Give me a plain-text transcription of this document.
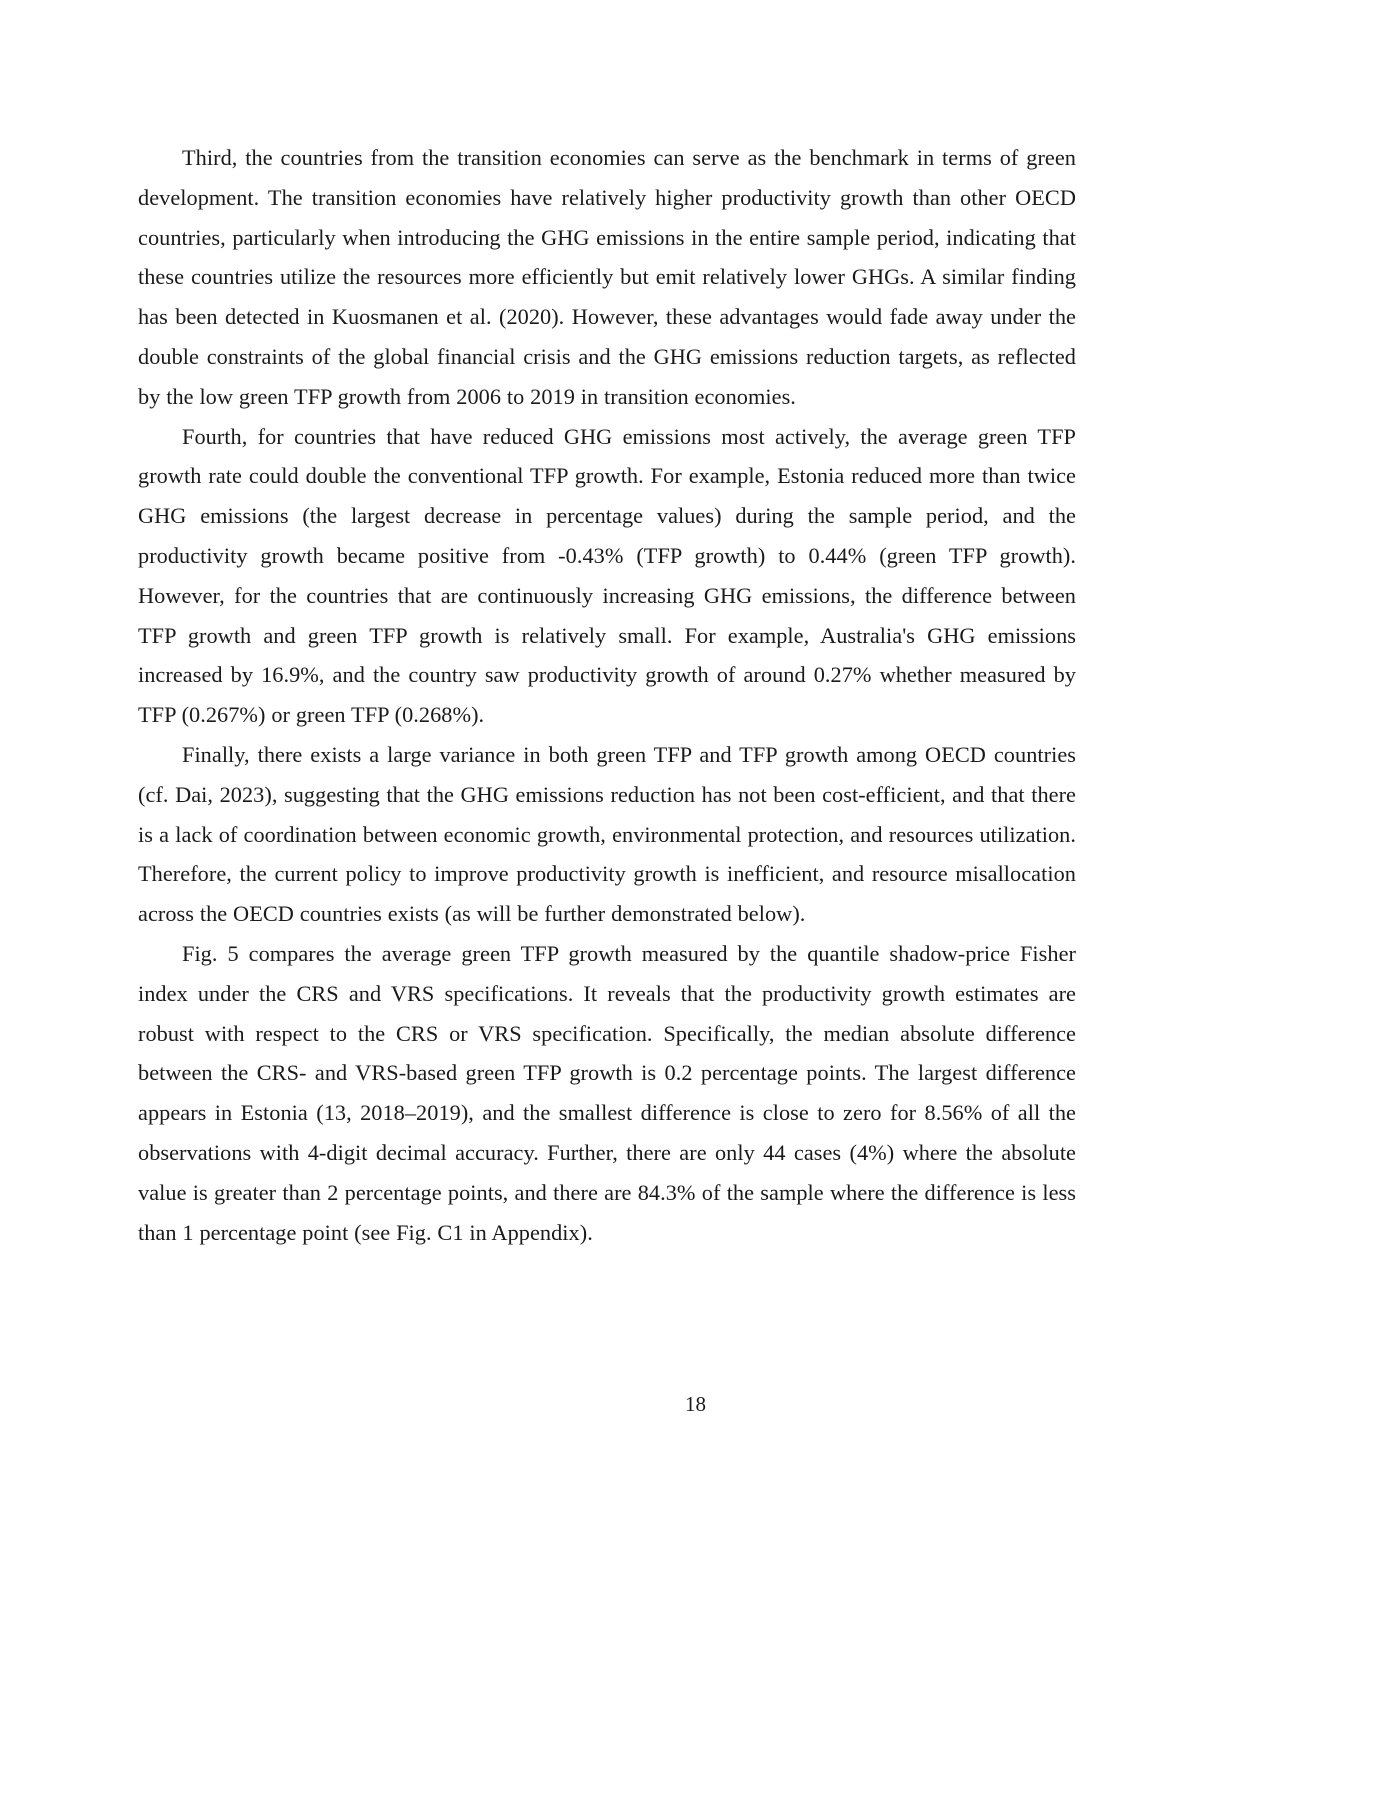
Third, the countries from the transition economies can serve as the benchmark in terms of green development. The transition economies have relatively higher productivity growth than other OECD countries, particularly when introducing the GHG emissions in the entire sample period, indicating that these countries utilize the resources more efficiently but emit relatively lower GHGs. A similar finding has been detected in Kuosmanen et al. (2020). However, these advantages would fade away under the double constraints of the global financial crisis and the GHG emissions reduction targets, as reflected by the low green TFP growth from 2006 to 2019 in transition economies.

Fourth, for countries that have reduced GHG emissions most actively, the average green TFP growth rate could double the conventional TFP growth. For example, Estonia reduced more than twice GHG emissions (the largest decrease in percentage values) during the sample period, and the productivity growth became positive from -0.43% (TFP growth) to 0.44% (green TFP growth). However, for the countries that are continuously increasing GHG emissions, the difference between TFP growth and green TFP growth is relatively small. For example, Australia's GHG emissions increased by 16.9%, and the country saw productivity growth of around 0.27% whether measured by TFP (0.267%) or green TFP (0.268%).

Finally, there exists a large variance in both green TFP and TFP growth among OECD countries (cf. Dai, 2023), suggesting that the GHG emissions reduction has not been cost-efficient, and that there is a lack of coordination between economic growth, environmental protection, and resources utilization. Therefore, the current policy to improve productivity growth is inefficient, and resource misallocation across the OECD countries exists (as will be further demonstrated below).

Fig. 5 compares the average green TFP growth measured by the quantile shadow-price Fisher index under the CRS and VRS specifications. It reveals that the productivity growth estimates are robust with respect to the CRS or VRS specification. Specifically, the median absolute difference between the CRS- and VRS-based green TFP growth is 0.2 percentage points. The largest difference appears in Estonia (13, 2018–2019), and the smallest difference is close to zero for 8.56% of all the observations with 4-digit decimal accuracy. Further, there are only 44 cases (4%) where the absolute value is greater than 2 percentage points, and there are 84.3% of the sample where the difference is less than 1 percentage point (see Fig. C1 in Appendix).

18
